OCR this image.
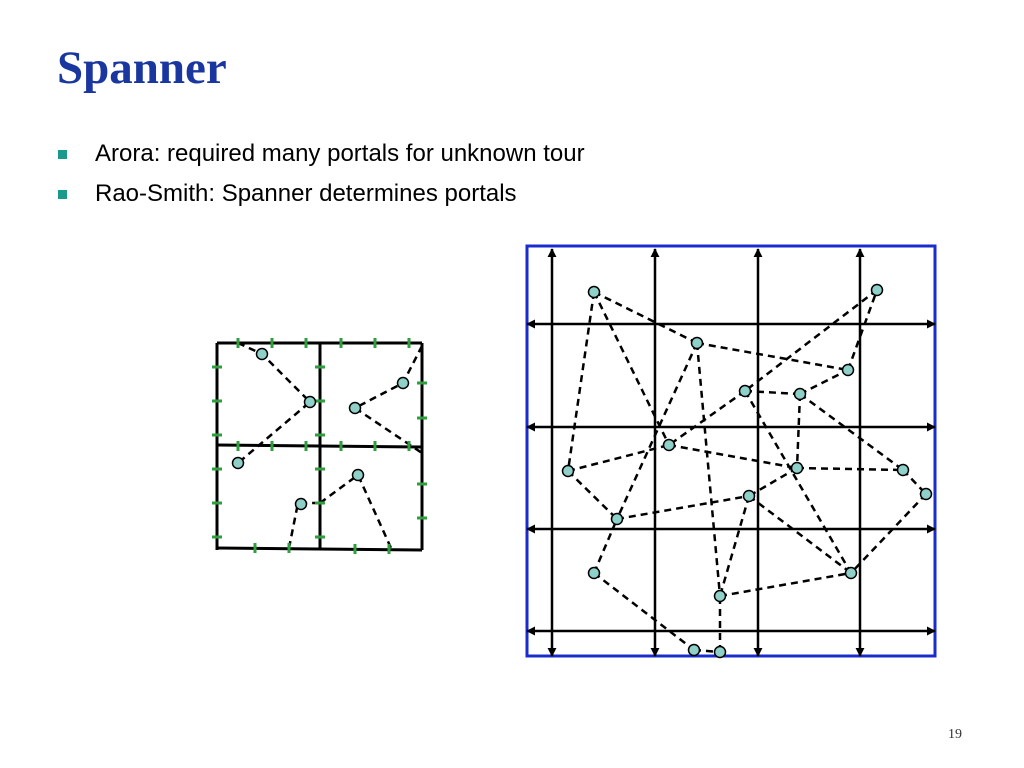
Spanner
Arora: required many portals for unknown tour
Rao-Smith: Spanner determines portals
19
